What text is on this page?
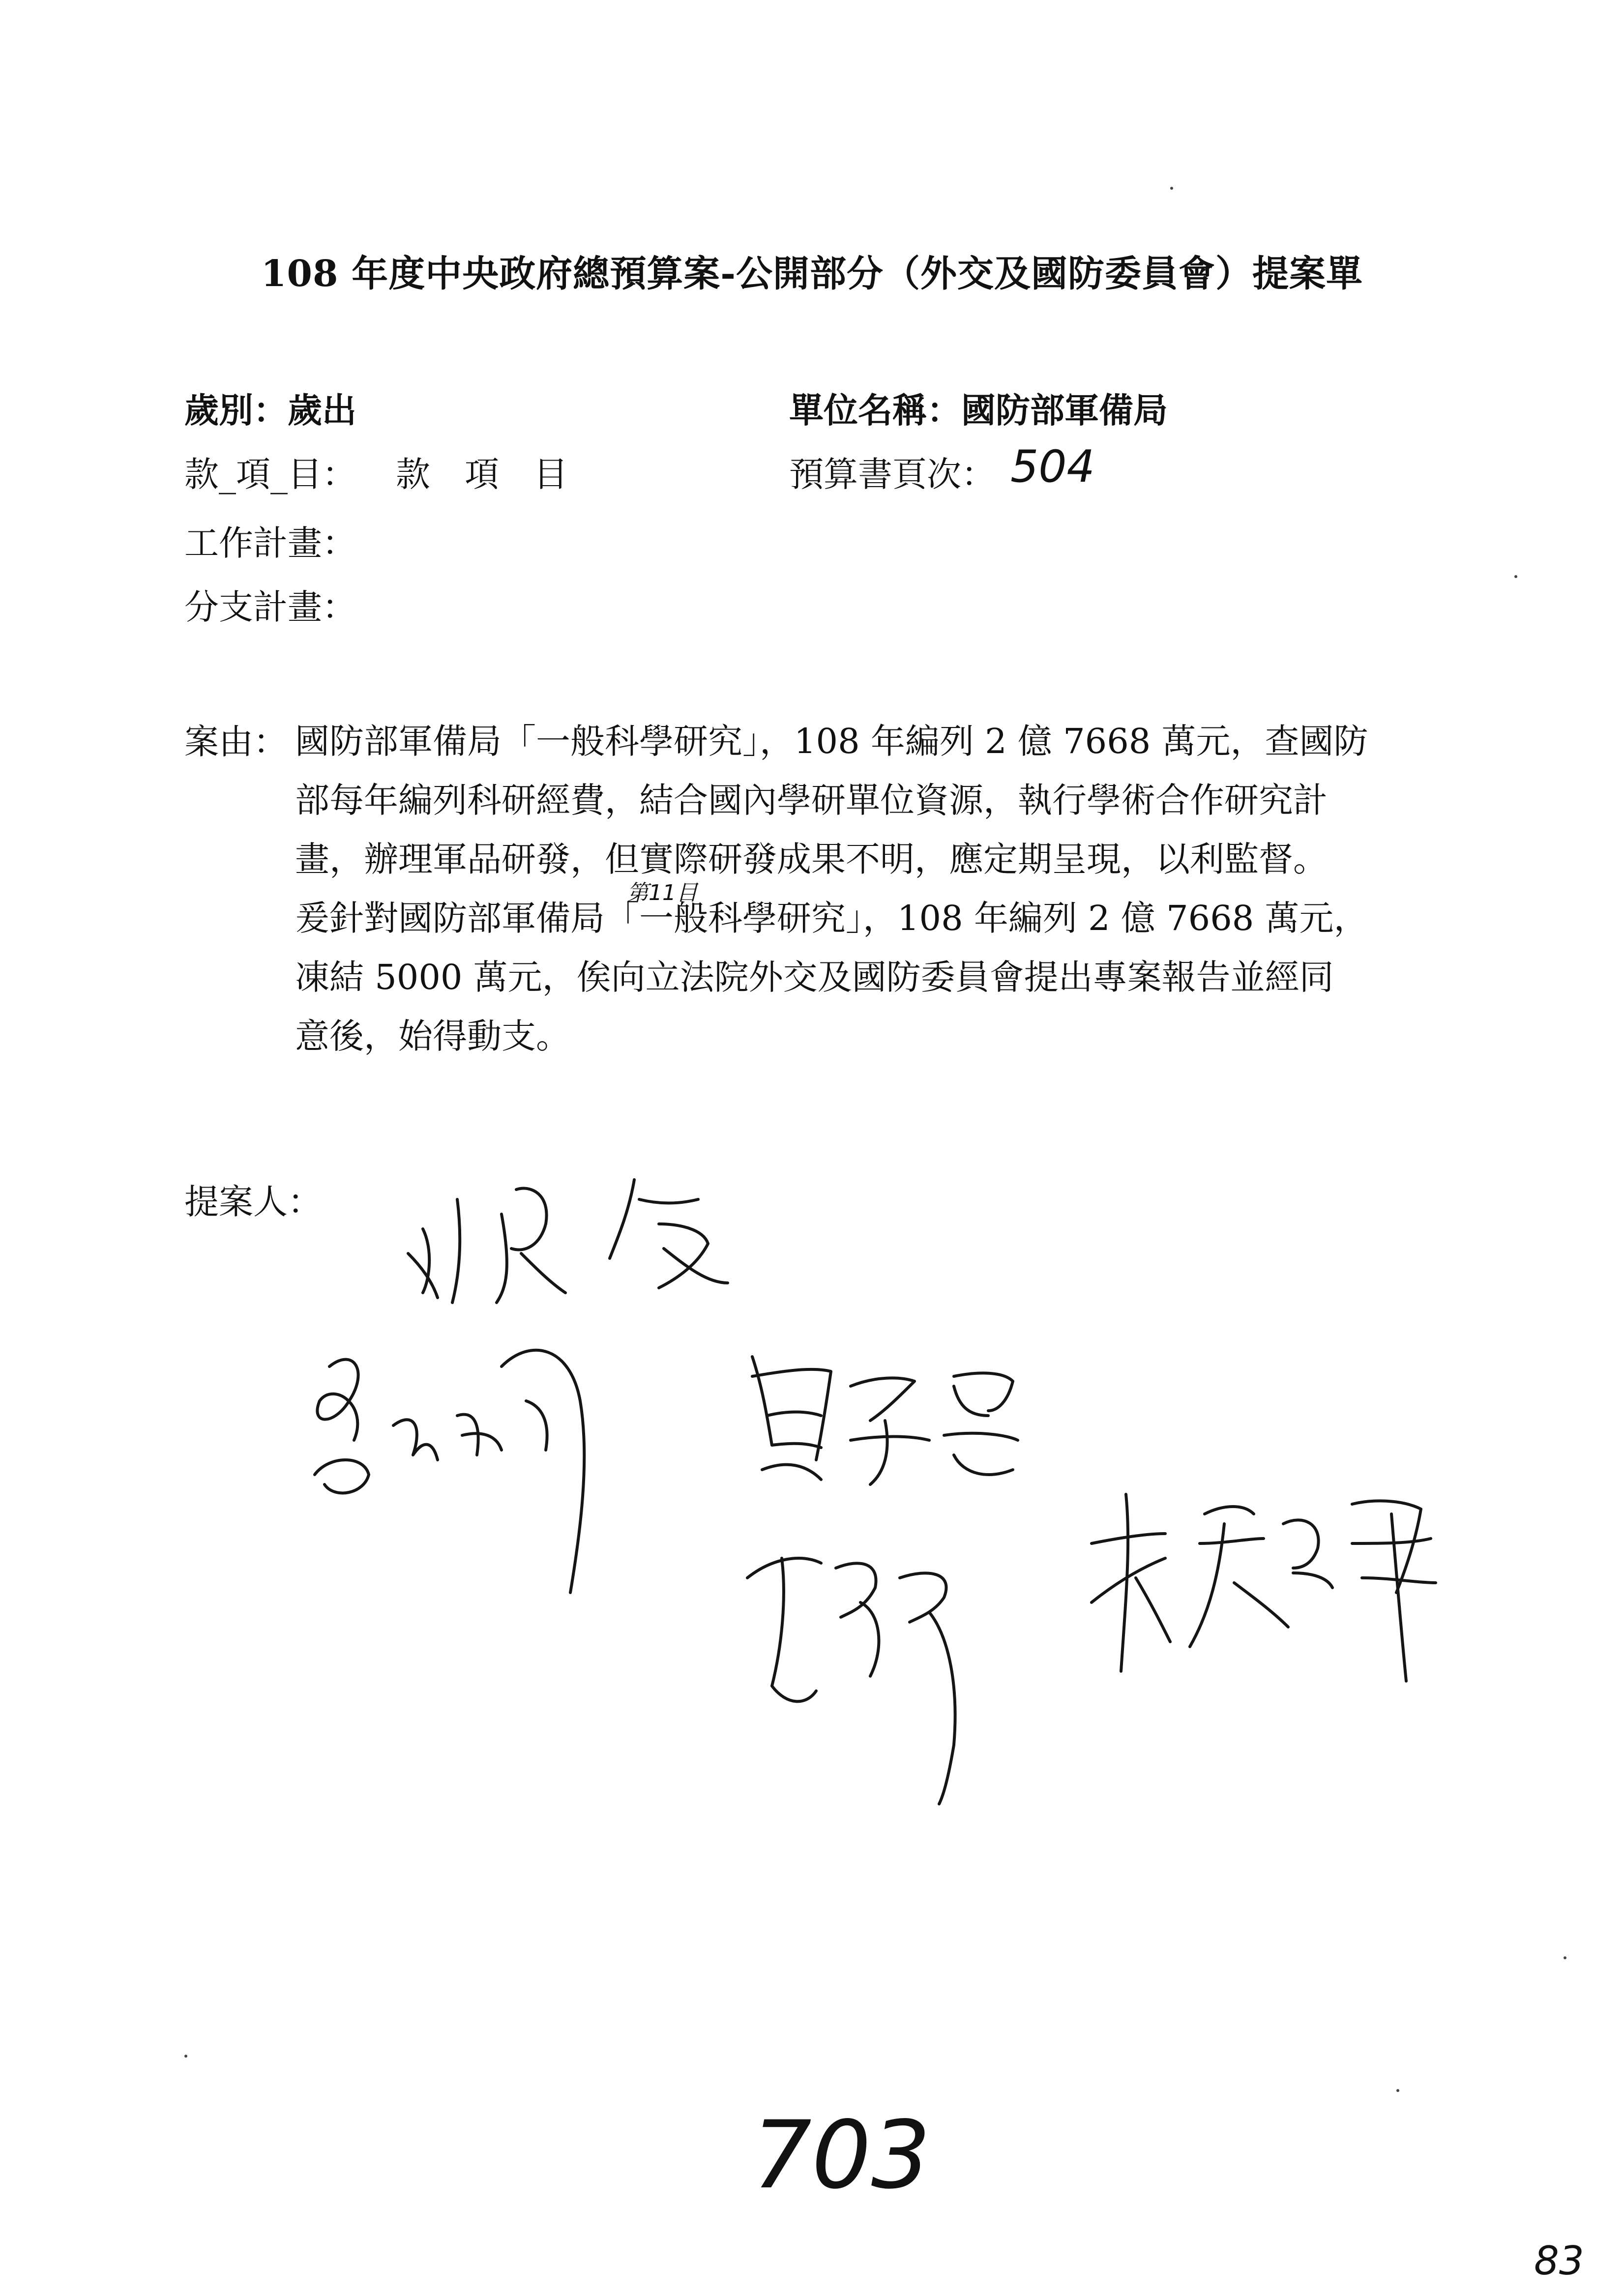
108 年度中央政府總預算案-公開部分（外交及國防委員會）提案單
歲別：歲出	單位名稱：國防部軍備局
款_項_目： 款　項　目	預算書頁次： 504
工作計畫：
分支計畫：
案由： 國防部軍備局「一般科學研究」，108 年編列 2 億 7668 萬元，查國防
部每年編列科研經費，結合國內學研單位資源，執行學術合作研究計
畫，辦理軍品研發，但實際研發成果不明，應定期呈現，以利監督。
爰針對國防部軍備局「一般科學研究」，108 年編列 2 億 7668 萬元，
凍結 5000 萬元，俟向立法院外交及國防委員會提出專案報告並經同
意後，始得動支。
第11目
提案人：
703
83
